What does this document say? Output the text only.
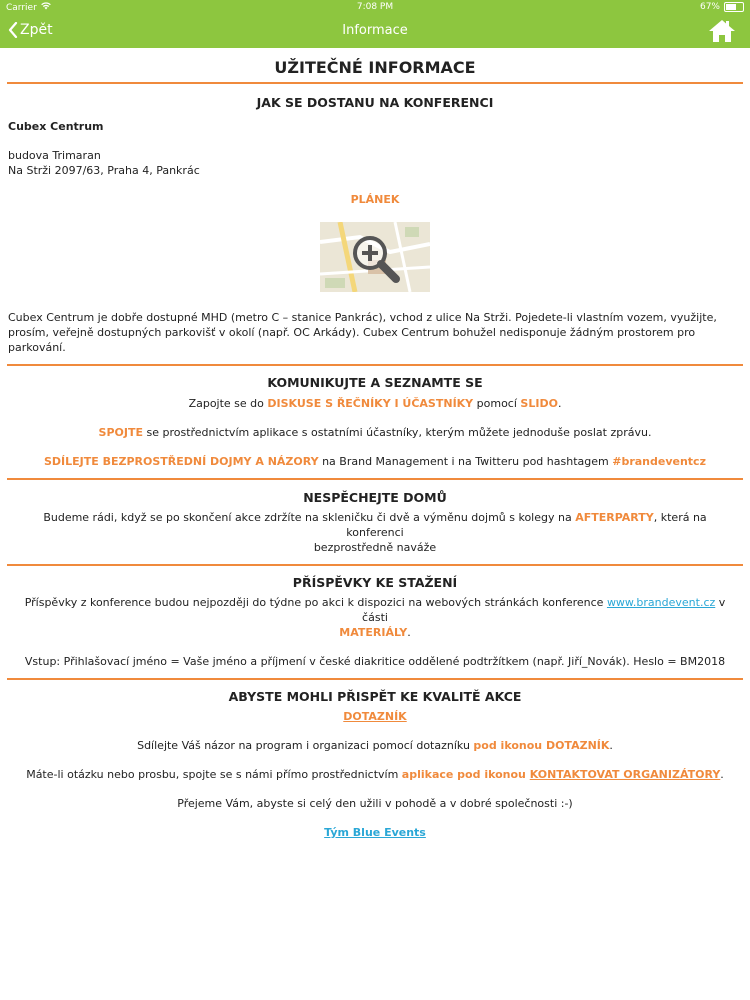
Carrier	7:08 PM	67%
Zpět	Informace
UŽITEČNÉ INFORMACE
JAK SE DOSTANU NA KONFERENCI
Cubex Centrum
budova Trimaran
Na Strži 2097/63, Praha 4, Pankrác
PLÁNEK
Cubex Centrum je dobře dostupné MHD (metro C – stanice Pankrác), vchod z ulice Na Strži. Pojedete-li vlastním vozem, využijte, prosím, veřejně dostupných parkovišť v okolí (např. OC Arkády). Cubex Centrum bohužel nedisponuje žádným prostorem pro parkování.
KOMUNIKUJTE A SEZNAMTE SE
Zapojte se do DISKUSE S ŘEČNÍKY I ÚČASTNÍKY pomocí SLIDO.
SPOJTE se prostřednictvím aplikace s ostatními účastníky, kterým můžete jednoduše poslat zprávu.
SDÍLEJTE BEZPROSTŘEDNÍ DOJMY A NÁZORY na Brand Management i na Twitteru pod hashtagem #brandeventcz
NESPĚCHEJTE DOMŮ
Budeme rádi, když se po skončení akce zdržíte na skleničku či dvě a výměnu dojmů s kolegy na AFTERPARTY, která na konferenci
bezprostředně naváže
PŘÍSPĚVKY KE STAŽENÍ
Příspěvky z konference budou nejpozději do týdne po akci k dispozici na webových stránkách konference www.brandevent.cz v části
MATERIÁLY.
Vstup: Přihlašovací jméno = Vaše jméno a příjmení v české diakritice oddělené podtržítkem (např. Jiří_Novák). Heslo = BM2018
ABYSTE MOHLI PŘISPĚT KE KVALITĚ AKCE
DOTAZNÍK
Sdílejte Váš názor na program i organizaci pomocí dotazníku pod ikonou DOTAZNÍK.
Máte-li otázku nebo prosbu, spojte se s námi přímo prostřednictvím aplikace pod ikonou KONTAKTOVAT ORGANIZÁTORY.
Přejeme Vám, abyste si celý den užili v pohodě a v dobré společnosti :-)
Tým Blue Events
